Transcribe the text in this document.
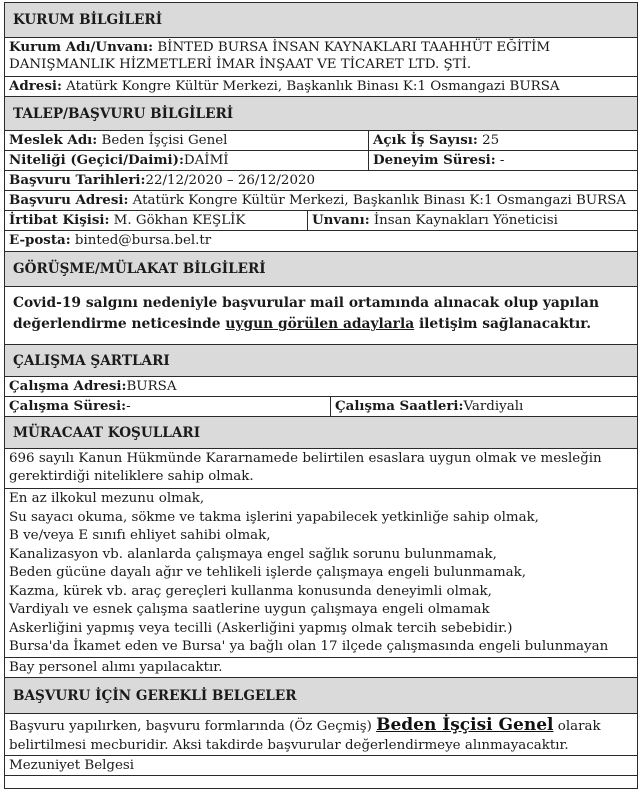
KURUM BİLGİLERİ
Kurum Adı/Unvanı: BİNTED BURSA İNSAN KAYNAKLARI TAAHHÜT EĞİTİM DANIŞMANLIK HİZMETLERİ İMAR İNŞAAT VE TİCARET LTD. ŞTİ.
Adresi: Atatürk Kongre Kültür Merkezi, Başkanlık Binası K:1 Osmangazi BURSA
TALEP/BAŞVURU BİLGİLERİ
Meslek Adı: Beden İşçisi Genel	Açık İş Sayısı: 25
Niteliği (Geçici/Daimi):DAİMİ	Deneyim Süresi: -
Başvuru Tarihleri:22/12/2020 – 26/12/2020
Başvuru Adresi: Atatürk Kongre Kültür Merkezi, Başkanlık Binası K:1 Osmangazi BURSA
İrtibat Kişisi: M. Gökhan KEŞLİK	Unvanı: İnsan Kaynakları Yöneticisi
E-posta: binted@bursa.bel.tr
GÖRÜŞME/MÜLAKAT BİLGİLERİ
Covid-19 salgını nedeniyle başvurular mail ortamında alınacak olup yapılan değerlendirme neticesinde uygun görülen adaylarla iletişim sağlanacaktır.
ÇALIŞMA ŞARTLARI
Çalışma Adresi:BURSA
Çalışma Süresi:-	Çalışma Saatleri:Vardiyalı
MÜRACAAT KOŞULLARI
696 sayılı Kanun Hükmünde Kararnamede belirtilen esaslara uygun olmak ve mesleğin gerektirdiği niteliklere sahip olmak.
En az ilkokul mezunu olmak,
Su sayacı okuma, sökme ve takma işlerini yapabilecek yetkinliğe sahip olmak,
B ve/veya E sınıfı ehliyet sahibi olmak,
Kanalizasyon vb. alanlarda çalışmaya engel sağlık sorunu bulunmamak,
Beden gücüne dayalı ağır ve tehlikeli işlerde çalışmaya engeli bulunmamak,
Kazma, kürek vb. araç gereçleri kullanma konusunda deneyimli olmak,
Vardiyalı ve esnek çalışma saatlerine uygun çalışmaya engeli olmamak
Askerliğini yapmış veya tecilli (Askerliğini yapmış olmak tercih sebebidir.)
Bursa'da İkamet eden ve Bursa' ya bağlı olan 17 ilçede çalışmasında engeli bulunmayan
Bay personel alımı yapılacaktır.
BAŞVURU İÇİN GEREKLİ BELGELER
Başvuru yapılırken, başvuru formlarında (Öz Geçmiş) Beden İşçisi Genel olarak belirtilmesi mecburidir. Aksi takdirde başvurular değerlendirmeye alınmayacaktır.
Mezuniyet Belgesi
